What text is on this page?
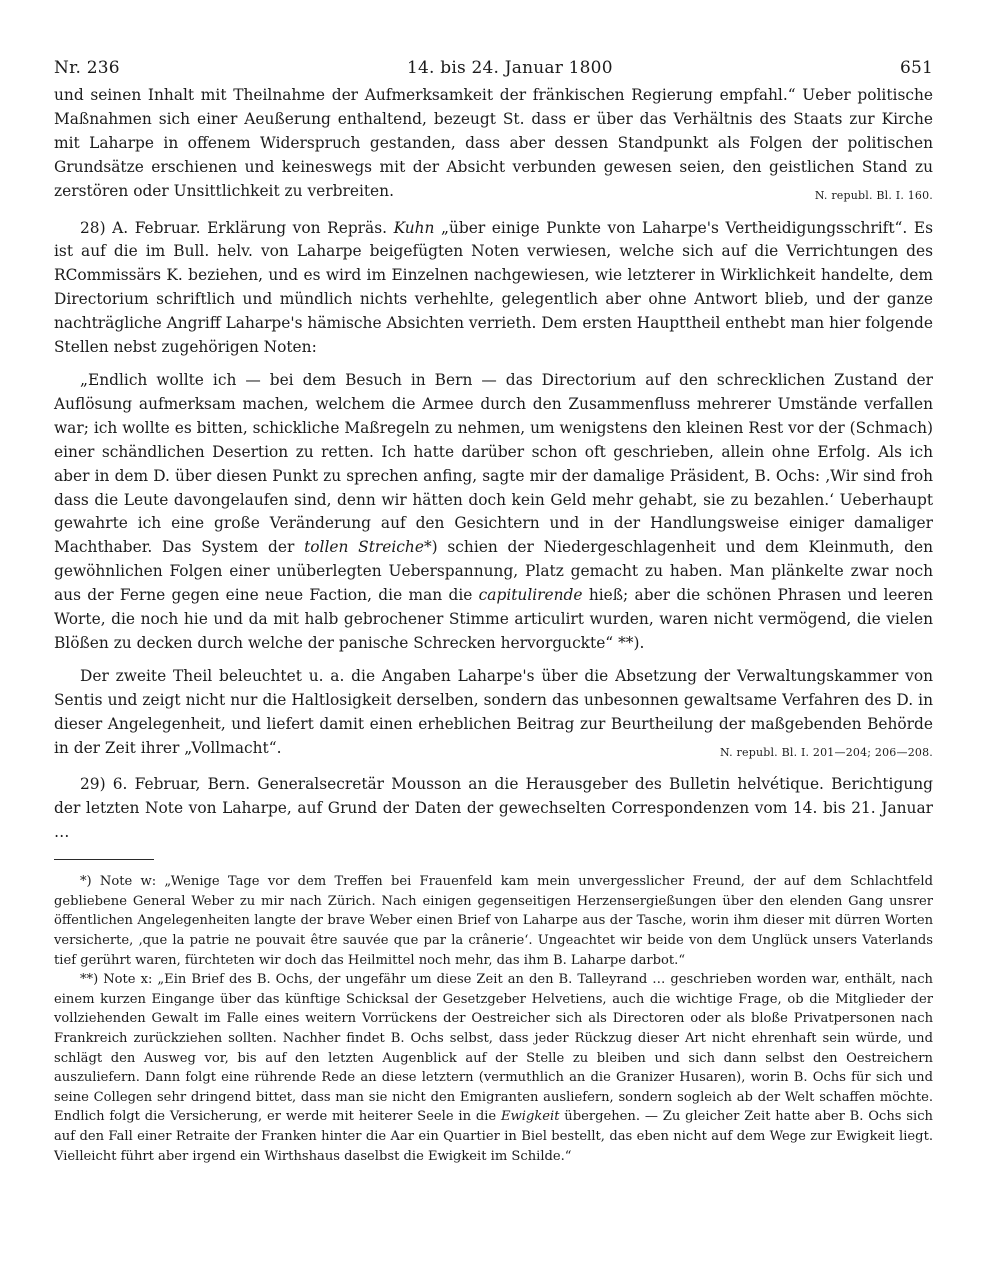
Nr. 236	14. bis 24. Januar 1800	651

und seinen Inhalt mit Theilnahme der Aufmerksamkeit der fränkischen Regierung empfahl.“ Ueber politische Maßnahmen sich einer Aeußerung enthaltend, bezeugt St. dass er über das Verhältnis des Staats zur Kirche mit Laharpe in offenem Widerspruch gestanden, dass aber dessen Standpunkt als Folgen der politischen Grundsätze erschienen und keineswegs mit der Absicht verbunden gewesen seien, den geistlichen Stand zu zerstören oder Unsittlichkeit zu verbreiten.	N. republ. Bl. I. 160.

28) A. Februar. Erklärung von Repräs. Kuhn „über einige Punkte von Laharpe's Vertheidigungsschrift“. Es ist auf die im Bull. helv. von Laharpe beigefügten Noten verwiesen, welche sich auf die Verrichtungen des RCommissärs K. beziehen, und es wird im Einzelnen nachgewiesen, wie letzterer in Wirklichkeit handelte, dem Directorium schriftlich und mündlich nichts verhehlte, gelegentlich aber ohne Antwort blieb, und der ganze nachträgliche Angriff Laharpe's hämische Absichten verrieth. Dem ersten Haupttheil enthebt man hier folgende Stellen nebst zugehörigen Noten:

„Endlich wollte ich — bei dem Besuch in Bern — das Directorium auf den schrecklichen Zustand der Auflösung aufmerksam machen, welchem die Armee durch den Zusammenfluss mehrerer Umstände verfallen war; ich wollte es bitten, schickliche Maßregeln zu nehmen, um wenigstens den kleinen Rest vor der (Schmach) einer schändlichen Desertion zu retten. Ich hatte darüber schon oft geschrieben, allein ohne Erfolg. Als ich aber in dem D. über diesen Punkt zu sprechen anfing, sagte mir der damalige Präsident, B. Ochs: ‚Wir sind froh dass die Leute davongelaufen sind, denn wir hätten doch kein Geld mehr gehabt, sie zu bezahlen.‘ Ueberhaupt gewahrte ich eine große Veränderung auf den Gesichtern und in der Handlungsweise einiger damaliger Machthaber. Das System der tollen Streiche*) schien der Niedergeschlagenheit und dem Kleinmuth, den gewöhnlichen Folgen einer unüberlegten Ueberspannung, Platz gemacht zu haben. Man plänkelte zwar noch aus der Ferne gegen eine neue Faction, die man die capitulirende hieß; aber die schönen Phrasen und leeren Worte, die noch hie und da mit halb gebrochener Stimme articulirt wurden, waren nicht vermögend, die vielen Blößen zu decken durch welche der panische Schrecken hervorguckte“ **).

Der zweite Theil beleuchtet u. a. die Angaben Laharpe's über die Absetzung der Verwaltungskammer von Sentis und zeigt nicht nur die Haltlosigkeit derselben, sondern das unbesonnen gewaltsame Verfahren des D. in dieser Angelegenheit, und liefert damit einen erheblichen Beitrag zur Beurtheilung der maßgebenden Behörde in der Zeit ihrer „Vollmacht“.	N. republ. Bl. I. 201—204; 206—208.

29) 6. Februar, Bern. Generalsecretär Mousson an die Herausgeber des Bulletin helvétique. Berichtigung der letzten Note von Laharpe, auf Grund der Daten der gewechselten Correspondenzen vom 14. bis 21. Januar …

*) Note w: „Wenige Tage vor dem Treffen bei Frauenfeld kam mein unvergesslicher Freund, der auf dem Schlachtfeld gebliebene General Weber zu mir nach Zürich. Nach einigen gegenseitigen Herzensergießungen über den elenden Gang unsrer öffentlichen Angelegenheiten langte der brave Weber einen Brief von Laharpe aus der Tasche, worin ihm dieser mit dürren Worten versicherte, ‚que la patrie ne pouvait être sauvée que par la crânerie‘. Ungeachtet wir beide von dem Unglück unsers Vaterlands tief gerührt waren, fürchteten wir doch das Heilmittel noch mehr, das ihm B. Laharpe darbot.“

**) Note x: „Ein Brief des B. Ochs, der ungefähr um diese Zeit an den B. Talleyrand … geschrieben worden war, enthält, nach einem kurzen Eingange über das künftige Schicksal der Gesetzgeber Helvetiens, auch die wichtige Frage, ob die Mitglieder der vollziehenden Gewalt im Falle eines weitern Vorrückens der Oestreicher sich als Directoren oder als bloße Privatpersonen nach Frankreich zurückziehen sollten. Nachher findet B. Ochs selbst, dass jeder Rückzug dieser Art nicht ehrenhaft sein würde, und schlägt den Ausweg vor, bis auf den letzten Augenblick auf der Stelle zu bleiben und sich dann selbst den Oestreichern auszuliefern. Dann folgt eine rührende Rede an diese letztern (vermuthlich an die Granizer Husaren), worin B. Ochs für sich und seine Collegen sehr dringend bittet, dass man sie nicht den Emigranten ausliefern, sondern sogleich ab der Welt schaffen möchte. Endlich folgt die Versicherung, er werde mit heiterer Seele in die Ewigkeit übergehen. — Zu gleicher Zeit hatte aber B. Ochs sich auf den Fall einer Retraite der Franken hinter die Aar ein Quartier in Biel bestellt, das eben nicht auf dem Wege zur Ewigkeit liegt. Vielleicht führt aber irgend ein Wirthshaus daselbst die Ewigkeit im Schilde.“
